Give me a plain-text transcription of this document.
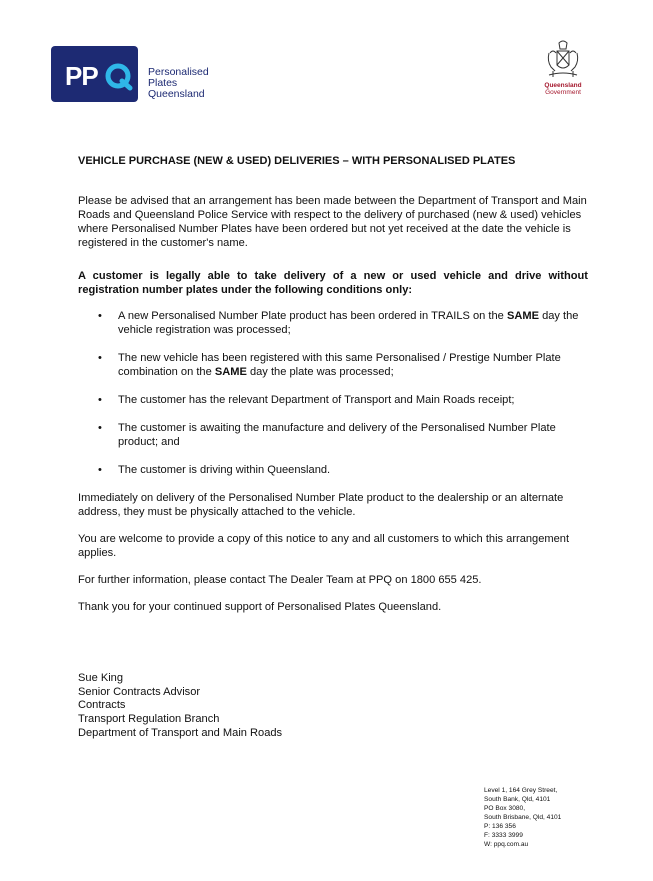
PP	Personalised
Plates
Queensland
Queensland
Government

VEHICLE PURCHASE (NEW & USED) DELIVERIES – WITH PERSONALISED PLATES

Please be advised that an arrangement has been made between the Department of Transport and Main Roads and Queensland Police Service with respect to the delivery of purchased (new & used) vehicles where Personalised Number Plates have been ordered but not yet received at the date the vehicle is registered in the customer's name.

A customer is legally able to take delivery of a new or used vehicle and drive without registration number plates under the following conditions only:

• A new Personalised Number Plate product has been ordered in TRAILS on the SAME day the vehicle registration was processed;
• The new vehicle has been registered with this same Personalised / Prestige Number Plate combination on the SAME day the plate was processed;
• The customer has the relevant Department of Transport and Main Roads receipt;
• The customer is awaiting the manufacture and delivery of the Personalised Number Plate product; and
• The customer is driving within Queensland.

Immediately on delivery of the Personalised Number Plate product to the dealership or an alternate address, they must be physically attached to the vehicle.

You are welcome to provide a copy of this notice to any and all customers to which this arrangement applies.

For further information, please contact The Dealer Team at PPQ on 1800 655 425.

Thank you for your continued support of Personalised Plates Queensland.

Sue King
Senior Contracts Advisor
Contracts
Transport Regulation Branch
Department of Transport and Main Roads
Level 1, 164 Grey Street,
South Bank, Qld, 4101
PO Box 3080,
South Brisbane, Qld, 4101
P: 136 356
F: 3333 3999
W: ppq.com.au
